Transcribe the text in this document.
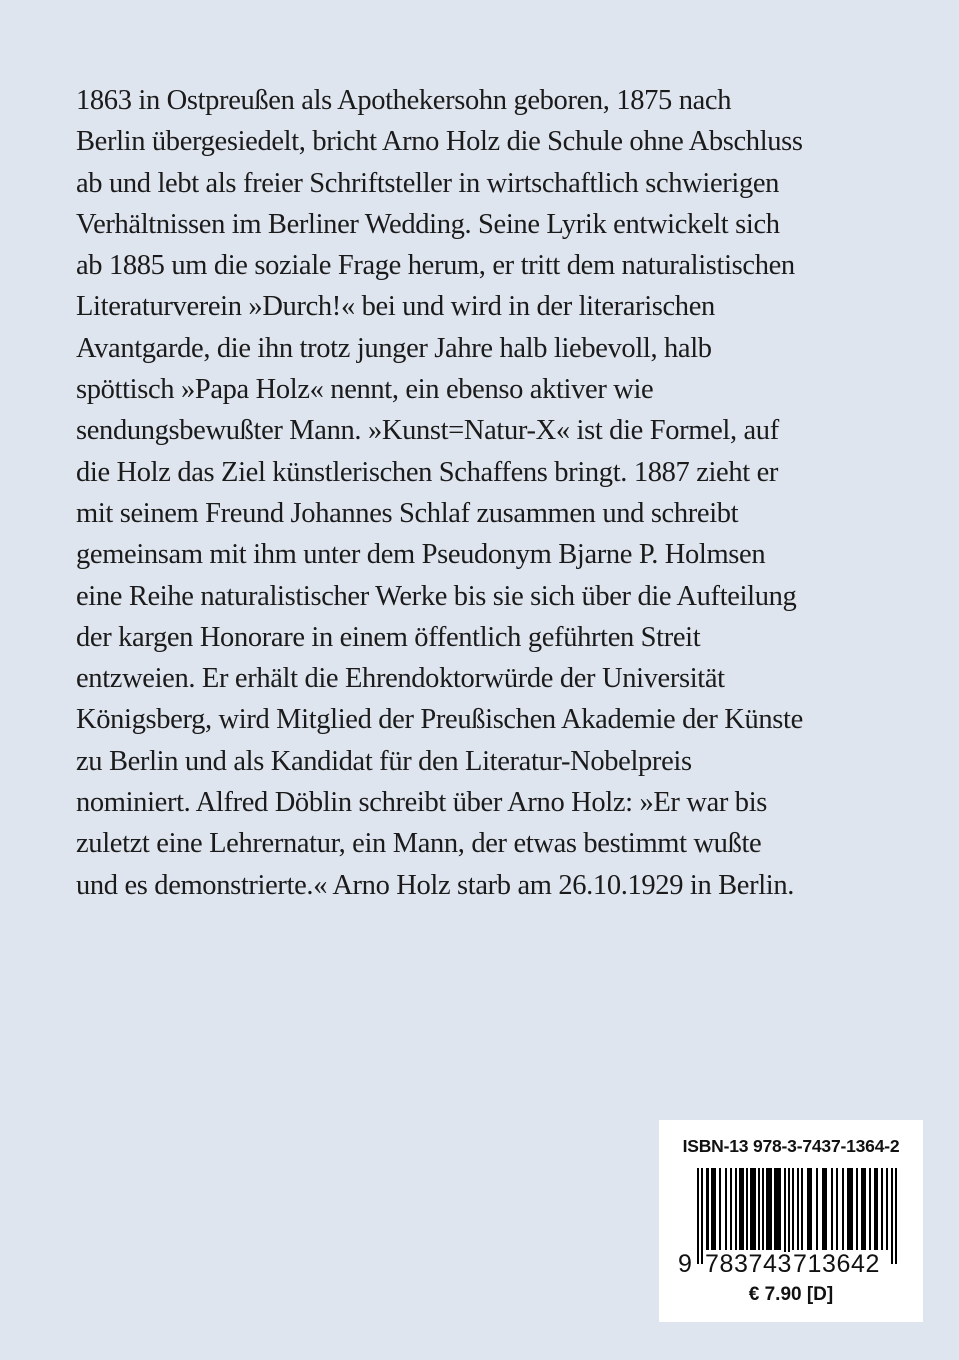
1863 in Ostpreußen als Apothekersohn geboren, 1875 nach
Berlin übergesiedelt, bricht Arno Holz die Schule ohne Abschluss
ab und lebt als freier Schriftsteller in wirtschaftlich schwierigen
Verhältnissen im Berliner Wedding. Seine Lyrik entwickelt sich
ab 1885 um die soziale Frage herum, er tritt dem naturalistischen
Literaturverein »Durch!« bei und wird in der literarischen
Avantgarde, die ihn trotz junger Jahre halb liebevoll, halb
spöttisch »Papa Holz« nennt, ein ebenso aktiver wie
sendungsbewußter Mann. »Kunst=Natur-X« ist die Formel, auf
die Holz das Ziel künstlerischen Schaffens bringt. 1887 zieht er
mit seinem Freund Johannes Schlaf zusammen und schreibt
gemeinsam mit ihm unter dem Pseudonym Bjarne P. Holmsen
eine Reihe naturalistischer Werke bis sie sich über die Aufteilung
der kargen Honorare in einem öffentlich geführten Streit
entzweien. Er erhält die Ehrendoktorwürde der Universität
Königsberg, wird Mitglied der Preußischen Akademie der Künste
zu Berlin und als Kandidat für den Literatur-Nobelpreis
nominiert. Alfred Döblin schreibt über Arno Holz: »Er war bis
zuletzt eine Lehrernatur, ein Mann, der etwas bestimmt wußte
und es demonstrierte.« Arno Holz starb am 26.10.1929 in Berlin.
ISBN-13 978-3-7437-1364-2
9 783743 713642
€ 7.90 [D]
